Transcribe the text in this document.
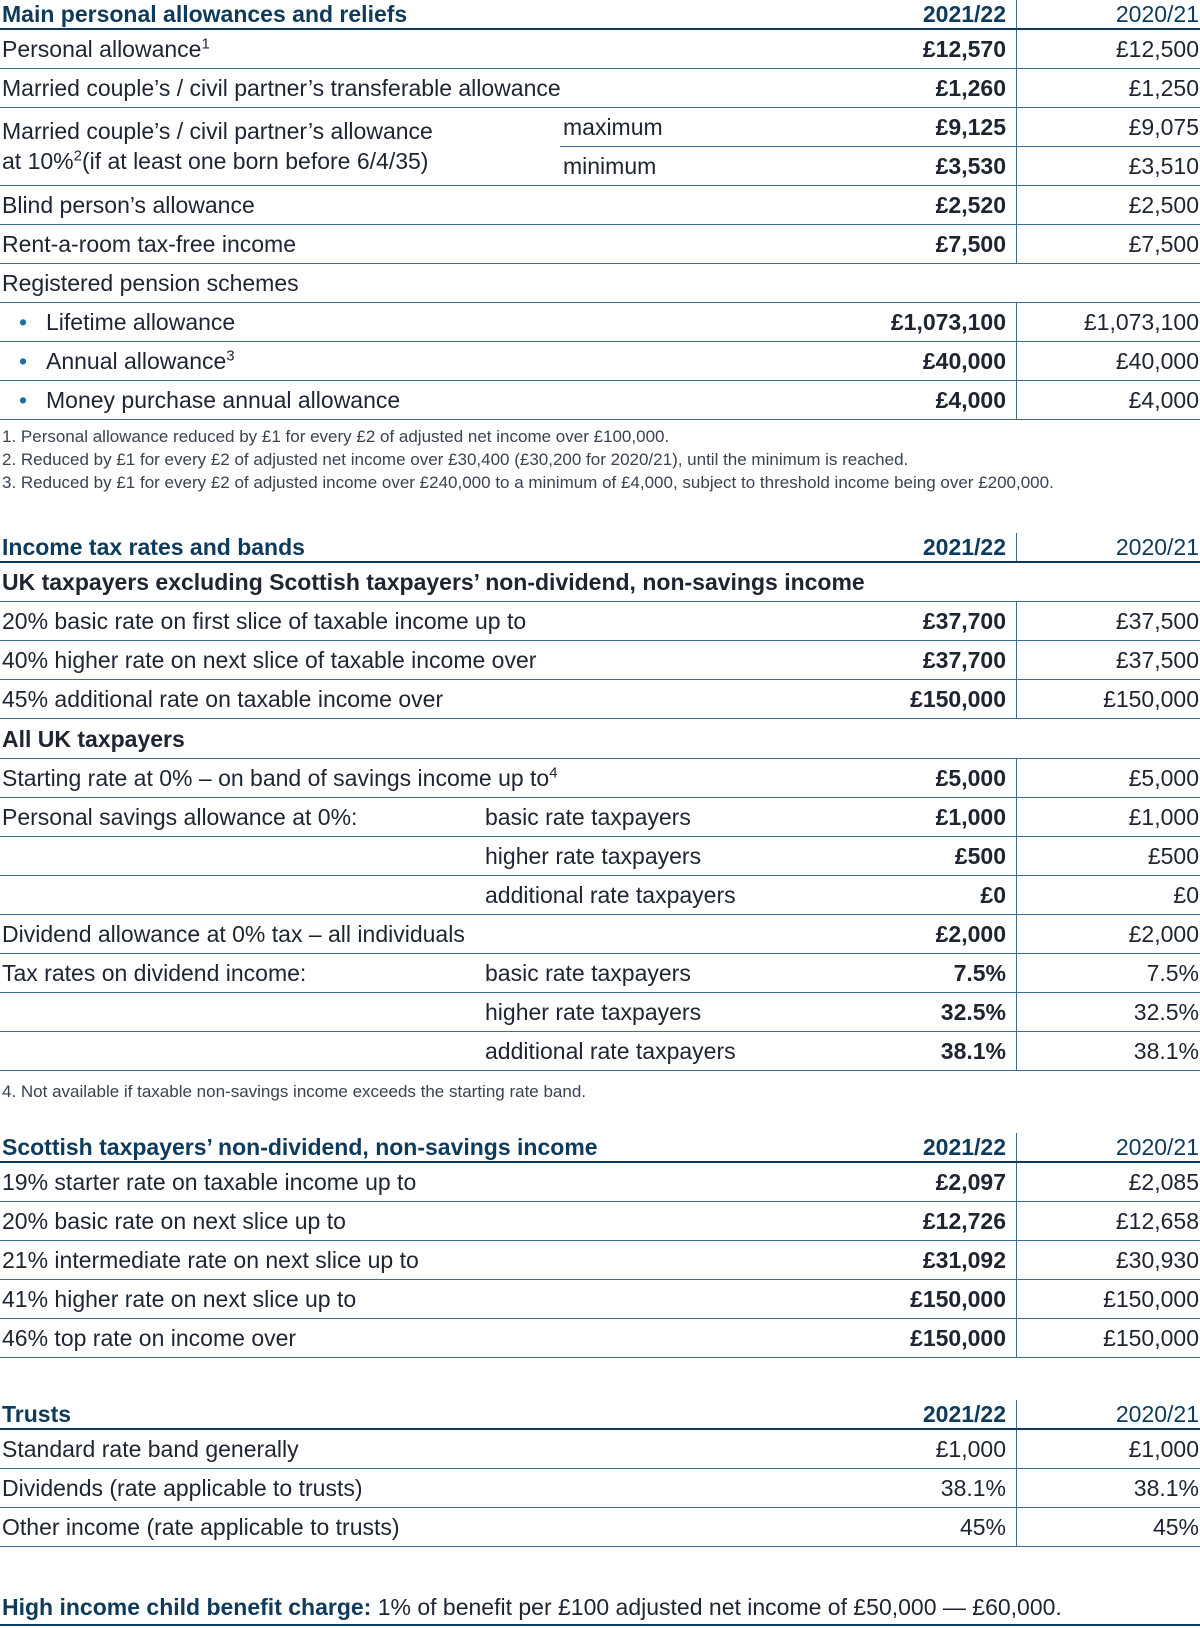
Main personal allowances and reliefs	2021/22	2020/21
Personal allowance$^1$	£12,570	£12,500
Married couple’s / civil partner’s transferable allowance	£1,260	£1,250
Married couple’s / civil partner’s allowance
at 10%$^2$(if at least one born before 6/4/35)
maximum	£9,125	£9,075
minimum	£3,530	£3,510
Blind person’s allowance	£2,520	£2,500
Rent-a-room tax-free income	£7,500	£7,500
Registered pension schemes
• Lifetime allowance	£1,073,100	£1,073,100
• Annual allowance$^3$	£40,000	£40,000
• Money purchase annual allowance	£4,000	£4,000
1. Personal allowance reduced by £1 for every £2 of adjusted net income over £100,000.
2. Reduced by £1 for every £2 of adjusted net income over £30,400 (£30,200 for 2020/21), until the minimum is reached.
3. Reduced by £1 for every £2 of adjusted income over £240,000 to a minimum of £4,000, subject to threshold income being over £200,000.
Income tax rates and bands	2021/22	2020/21
UK taxpayers excluding Scottish taxpayers’ non-dividend, non-savings income
20% basic rate on first slice of taxable income up to	£37,700	£37,500
40% higher rate on next slice of taxable income over	£37,700	£37,500
45% additional rate on taxable income over	£150,000	£150,000
All UK taxpayers
Starting rate at 0% – on band of savings income up $to^4$	£5,000	£5,000
Personal savings allowance at 0%:	basic rate taxpayers	£1,000	£1,000
higher rate taxpayers	£500	£500
additional rate taxpayers	£0	£0
Dividend allowance at 0% tax – all individuals	£2,000	£2,000
Tax rates on dividend income:	basic rate taxpayers	7.5%	7.5%
higher rate taxpayers	32.5%	32.5%
additional rate taxpayers	38.1%	38.1%
4. Not available if taxable non-savings income exceeds the starting rate band.
Scottish taxpayers’ non-dividend, non-savings income	2021/22	2020/21
19% starter rate on taxable income up to	£2,097	£2,085
20% basic rate on next slice up to	£12,726	£12,658
21% intermediate rate on next slice up to	£31,092	£30,930
41% higher rate on next slice up to	£150,000	£150,000
46% top rate on income over	£150,000	£150,000
Trusts	2021/22	2020/21
Standard rate band generally	£1,000	£1,000
Dividends (rate applicable to trusts)	38.1%	38.1%
Other income (rate applicable to trusts)	45%	45%
High income child benefit charge: 1% of benefit per £100 adjusted net income of £50,000 — £60,000.
